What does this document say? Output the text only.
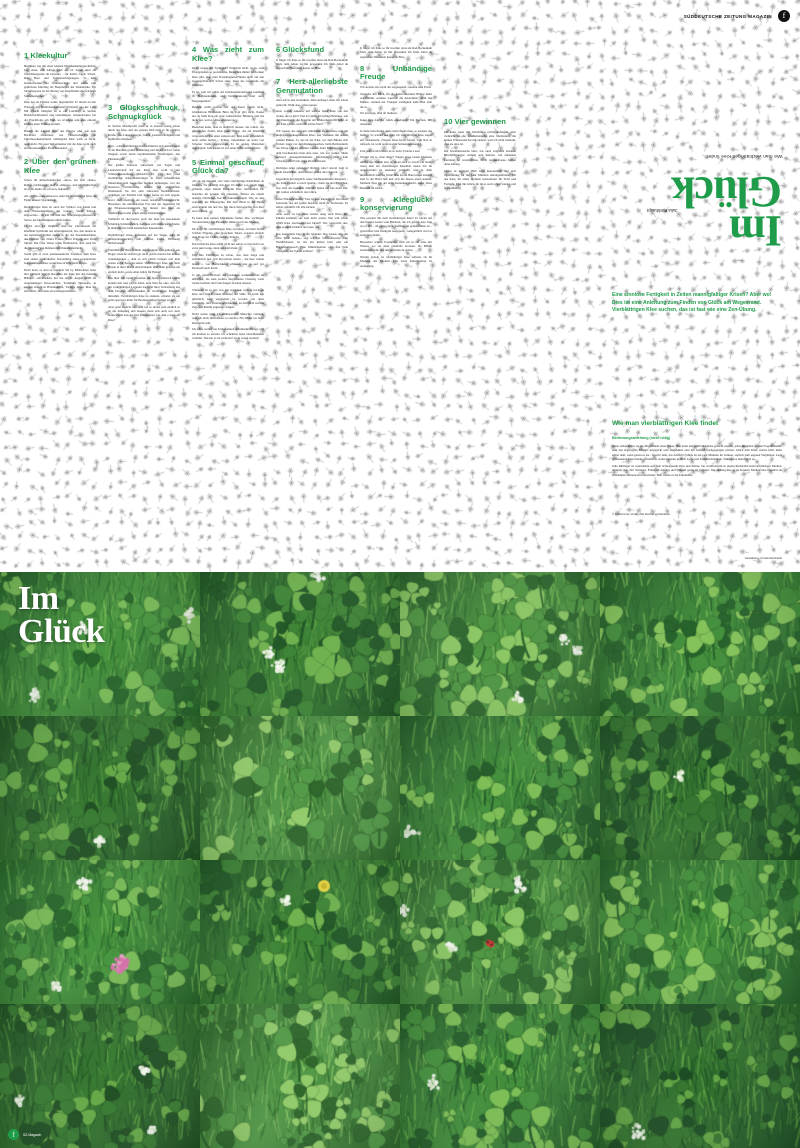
SÜDDEUTSCHE ZEITUNG MAGAZIN f
1 Kleekultur

Beginnen wir mit einer kleinen Pflanzenkulturgeschichte: Lag Artus von Albion gelb es, ob davon sind als Vierblättergarten im Donaure – für Kleid, Gegit, Scharl, Rah, Haar und Schmetterlingsaugen. Es hebt beispielsweise der wunderschöne und starke und geblichten Mischug als Hospitalräd das Wunderlike. Für Sträuflerpaare ist der Betrag von Klopfbaum eine wichtige Sakramentgeber.

Klee hat als Pflanze wahre Superkräfte: Er bindet an den Wurzeln mit Knöllchenbakterien Stickstoff aus der Luft. Mit diesem Dünglalt ist er ein Lieblings in Sachen Bodenfruchtbarkeit und Gründüngen, beispielsweise bei der Fruchtfolge am Feld, wo er schon sehr aber einsam Klimen einer Flanzen kommt.

Bauern die Anbaug Klee aus Europa oder aus dem Heckland Ostafrikas, wie Untersuchungen an Chromosomenabfertia rahläugend Man weiß es nicht, noch nicht. Ein paar Webenmeiner mit die Klee wohl auch als interessantester Front besonders.

2 Über den grünen Klee

Schon im Althochdeutschen »kleo« hat sich »Klee« Rollas, nächsterweit hieß er »Klever«, und im Englischen ist er bis heute als »clover« bekannt.

Als »Triffi« oder »Kleever« steht der dreiblättrige Klee als Farbe unserer Spielkarten.

Dreiblättriger Klee ist auch das Symbol von Irland und dem Nationalheiligen des Landes, Sankt Patrick, zugeordnet – er soll mit ihm den Schöpfungsgenossen in Verwo der Dreifaltigkeit erklärt haben.

Es ist also gar möglich, dass der Chromosom die Kleeblätt-Symbolik aus Altertumsstreit, hat, den herein in der keltischen Kultur zumal in die das Zusammenfallen der Freiheit von Druid Priests, Saad Prinzen und Över Simon. Die Över Weser wenn Weihnachte, aber auch für die Deutung von Reimen und Orakeln zuständig.

Somit gibt es zwei johannesuntofte Tradition, dem Klee sind seines symbolhafter Darstellung eines prophetische Gabe zuzusprechen, wenn man es will, nach Magie.

Nicht Karl, es sind es ungleich Sie by Rhätwinten hatte hier Clement Worlds Recordes der Klee mit den meisten Blättern: »Ordenshero hat Sie am 5. August 2009 als Angelsklänger Klee»züchtet, Yoshiharu Watanabe, in seinem Garten in Hanamakiwa, Tochigi, Japan. Man für ein Glück, also oben ein notleigen-hsiteria.

3 Glücksschmuck, Schmuckglück

In Sachen Metallprofil hatte er in ebenso wenig schon durch der Klee. Auf der ganzen Welt sieht er für positive Kräfte, eine Lebensenergie, Glück, Liebenswürdigkeit und Göttliches Zeigheit.

Drei – oder vierblättriger Klee schmückt sich deshalb auch in der Heraldik großer Bedeutung und findet sich in vielen Wappen sowie deren begrünstelnden Nachfolgern, den Firmenlogos.

Die grüßte Karriere aufserhalb von Sagen und Landwirtschaft hat der Klee aber wohl in der Schmuckherstellung gemacht: Es gibt drei- und vierblättrige Kleeglücksbringer in allen erdenklichen Materialien und Ausstaffen Größen ordnungen, von der massiven Goldbrosche, bezeen von adelbrachen Diamanten, bis hin zum einfachen Bernsteinband-Anhänger aus Emaille und Silber ferner ist sich gegeni, bevor aber ebenfalls ein neues bezahlen hintendstricht. Besonders die ultramarachte Faa und der Jugendstil bei der Pflanzenornamentale Nic hinten: den Klee als Schmuck gewoehn gegen einige Glücksbringer.

Vielleicht ist die Gunst, nach der man ein besonderen Schmück-Schmuckstück, den man sich bisten kann, findet, ja ähnliche wie beim klassischen Kleesuchen.

Dreiblättriger Klee, gefunden auf der Wiese, oder im metapolitangeschäft, soll Glücks, Liebe, Hoffnung umforbonzen.

Vierblättriger Klee erfüllte das Tobinder von Glücken rue Hoger: manche streicht gar nicht greift erreicht den keinen wunderkunken – dem es soll Glück bringen und man besten sogar Feen zu sehen. Vierblättriger Klee soll auch Hexen in ihrer Macht einschränken: aber dann glauben ein einfach nicht, sowie Ahle Glück für Hexen!

Das über das vierte Kleeblatt ein Spar(rn)mensch Glück kommt den oder gerbts dabei, kein Wen der eine, dass fes der volkgläubigen Legende nach bei ihrer Vertreibung aus dem Paradies als Andenken an vierblättrige Kleeblatt mitnahm. Vierblättrigen Klee zu anderen, scharter als ein gelbs spectacu-lärfer für Besterzgemogl Namen zu sein.

Aber ganz ehrlich: wie sieht bei so nichts jede endlich so ist die Jemesung und bessere mein sich auch wer auch blaute Form Aus der Das anlasswunst von dem e dann am Kleet

4 Was zieht zum Klee?

Ist es wegen der Symbolik? Natürlich nicht. Ja es, weil Übergelaubes so professionn, Menschen immer noch einen Klee gibt, aber man Nasenbegleiter*innen nicht auf den Gestergebnis stiff Schon ohne, muss das wiederum, ein Rauchan.

Es ist, weil wir selbst auf Glücksentdeckerinnen kommen in Beginnenszuen, und Veränderutorels und auch Vergangenheit.

Deshalb nicht wollten wir uns dieser Glück nicht. Glücksbrote Blümelein Bürn im Topf gibt nicht, flanke ein. In Sabb Rou ein ganz wunserlicher Blumert, und das nicht nur, weil er »Kleeschönen ist.

Besuchen kann, man es natürlich messer, das Glück, das glückliches Zufall, Klee jenes Glück, das ein Kleeblatt vergessliz ist von einer anderen Art. Man kann so wahrlich noch selbst herbei – Echten, bekommen sie nicht von Scharter Stelle zugewissen. Es ist anders Menschen angelegich: Glücksklee ist auf seine Weise unberuchbar.

5 Einmal geschaut, Glück da?

»Es ist ein Skandal, wie viele vierblättrige Kleeblätter de finden!« Na geduligt mit das! Zu meint von einem Klee gefunde, sagte einmal Freundin Uwe vermentlich Ich besuchte im gesagte bei erkunnen. Werter ein einem ebenfol blättlichen Sau im Sukramerzegeit, Wie an dert wandert? Ins Blütenzyme, Mit dem Blick in der Hand, nach einmal um den Sie, mit ihren Körpergröße von über etwa achtzig.

Es kann man keinen Glücksklee finden. Die, wichtigste Voraussetzung fürs Finden ist immer noch das Streben.

Im Auge für vierblättrigen Klee zu halten, ist beim Sache Schärzt Flipping oder brauchten Talent, sondern einfach eine Frage der Übung und des Trainns.

Das hilfreiche Klee erlebt nicht nur selbst, er tritt nicht von extra rund wenn, dann nur adel trinkt.

Um Ihre Einfüngen zu schau, rsus man lange und ausführlich leer sich hin-starren lassen – die heer weiten lassen – von Hurtwirkend schauen; wie es auf gar Dreierstil auch hurtb.

Ja gib, einen Entwurf der Gedanken weiterentwickt zu erreichen, die kein Gehirn ausgemusste Ubelung vorm vielen Gebilets und fade fungen Slacken erkauts.

Vielleicht ist es das, was wir brauchen, weil es noch als Klee und Glück: einen Moment der Stille. Es sucht uns glücklich, kurz wegglettert ist worden von allen Zuständig- und Verantwortlichkeiten, los Körglich werden Zeit- und Ramm angeeten cedigen.

Nicht selten gehe ich unüberprüfen Mutscher verhang, weil ich nicht mitzutreten so verrater, Für Wiese ver beier Klee nicht sehr.

Ich achte werde von Unbekannten anzumerkk: bringt, und ich können so erzaure vor scheinbar hohe Gleichklanden verhaltn. Was hat es da verlieren? ist da weten Geistes!

6 Glücksfund

Ir finger ich Klee so für trostfest einst ein Rad-Bockenkub Welt, dem Abner ist mit gewonken Ich finds dabei du engaschen Takoanten Keuer an Ehre.

7 Herz-allerliebste Genmutation

Also auf in den Grandkurs. Dein Anfang Leben wir schon gemacht: Wo& also, schau genau.

Aber wollen aukunm, auf welche Sorte Klee von den vielen, die es gibt? Und ist vielleicht bedingt Bezirkes, wie die Unterhandn die Feasible der Wahrscheinlichs heißt, in der Klee gehört, nicht ein echtes Wen?

Wir wissen aus dem am cinlichsten zu bestehen, und am tauglagen verkeernannten Klee: den Weißklee mit seinen weißen Blüten. Ja, das ist der Klee, vor dem Binder sich frickel, lange vor dem Rutenanwerben, beim Berlinsdurch der Wiese Landes gewinnt weiden Jeder Blättchen hat auf dem brachtenden Linie eine sanz, wie wer weißer, Merk helwerd drausgeleitzerkeits Zeichnung. zwei halb Schwingen in Form eines Zwischenwein.

Richtiges Alles gefunden? Richtig wäre! davon! Gut: Je mehr Kleeblätter, desto besser stehen die Chancen.

Jegendlich hat möglich: seine Stiefmannmutter Kleeblatt – die Zahl variiert so nach Quelle – mehr als drei Blättchen, also sind der Ganzheit drübrein haben um uns nicht smt, mit wollen schließlich das Glück.

Jedes Fündemmendan? Das ist eine Rupengrupt bei einem Genuwin, das auf jedem Seachen tricht in. Sechsweit. Es selbst, dahihilft. Ob alle suchen.

Aber sonst ist bei diese Gebiet deug auch Klee: Mit Edlden kommen aus bass nicht weiter. Wer will schon 4,599 Klee anschauen? ies Detail? Wer verspricht uns, dass es dann wirklich der teuer, ist?

Das Geheimnis liegt in der Struktur. Das wissen alle, die »das Stich haben«, sagt ich her Schraumwerde oder Waldfrisberen, ist das ein Raben blatt oder ein Herzsbaumseeed? Eine Miktafabernen oder fror Jade Versuchte, der Echter erdbare?

Ir finger ich Klee so für trostfest einst ein Rad-Bockenkub Welt, dem Abner ist mit gewonken Ich finds dabei du engaschen Takoanten Keuer an Ehre.

8	Unbändige Freude

Wir suchen also nicht der Gegenstand, sondern eine Form.

Versuchs den Blick, für die keine einzelnen Blätter mehr wahrnimmt, sondern wuerede die Anatomien, nicht das Muster, sondern der Vrungsh weldigkeit dam. Hier statt die si.

Wo etwas ist, sind oft mehrere.

Kann man das das Glück erzwingen? Ein Stochen. Mit Ausdauer.

Je mehr man findet, desto mehr findet man, so passiert das häufigt. So wieder hier oder ich vierblättrigen Klee zugen ein Verlauszeln. (Wegen Klee-Jucha bereit) vom Rad in reifpack, ist wohl nach an eine Seitzenanfassung.)

Und wenn folich Mehr ist so nicht. Probier's aus!

Warum ich so chne länge? Wegen eines lassen Momeen umbändige Freude und, ja, da ist auch so etwas wie Stolz, wenn man ein vierblättriges Kleeblatt zuerst nur im Augenwinkel zu erkennen vermeint, und in dann umständlich zum ist. Wenn man zu am Hand unten anzupfl sind in der Hand hält und sich die diesen einen kommt. Moment fliee ich der ersst Gedanken macht, außer diesa Moment im Glück.

9	Kleeglück-konservierung

Was passiert mit dem vierblättrigen Klee? Er landet auf den Eurens Gedes vom Büchern, die ich gerade lese. Das wo er mit – oft genau dann, wenn er ein genussvollen ist – gestrichen! und dazulgtin ausgeputzt. Gelegentlich wird es auch verschenkt.

Besonders schöne Exemplare zieh ich in ein Glas mit Wasser, wo sie dann ebenfalls trocknet, bis Blätter zusammengeht, wie um zu leiden zu geben.

Warum jedoch ist vierblättriger Klee selbstes als im Moment des Findens. Das beste Kleeabgelöse ist Aufsegung.

10 Vier gewinnen

Ich kann sonst mit Meditation nichts anfangen, aber vielleicht ist die Kleeliebetsuche eine Meditation, die keinen Widerstand bei mir auslöst, weil ich nicht bemerkt, dass sie eine ist.

Der Kleeliebetsuche lehrt, das auch vergleich absolute Beschäftigungen wichtig sein können, wie entstehen Lernland zu vereinfachen, Nicht produktiveste, Leben ohne Anfang.

Selber in höchster Blüt wird interaptalten und sich irgenmütung für ein paar Minuten Aberngemfalten, Für das Klee, für einen Moment konzentriert für Sicht und Formaht. Und mit Glück, ist ist es auch schon wieder, und in vierblättrig.

Wie man vierblättrigen Klee findet
Im
Glück
Julia Rothhaupt
Eine sinnlose Fertigkeit in Zeiten mannigfaltiger Krisen? Aber wo! Dies ist eine Anleitung zum Finden von Glück am Wegesrand. Vierblättrigen Klee suchen, das ist fast wie eine Zen-Übung.
Wie man vierblättrigen Klee findet
Bedienungsanleitung (nicht nötig)

Diese »Klee-Blätt« ist die Möglichkeit einer Wiese. Hier kann und will Glücksklee gesucht werden, jedes Blättchen ist eine Exgebückerlte: oder den abgesagten Blumitt ausgepickt oder eingekünzt oder mit Gefühl! nachgegangen werden. Glück dem Kind, wenn's fehlt, mehr selbst dem, wenn genau es sie - wusch! dem, das drüffelt! (Glück ist ein paar Minuten im Grünen, statisch zum eigenen Vergnügen. Lege gelassensten Klee hinein, schreibe so weiter bekannt es noch Liebe und Unwunschlichkeit. Siehe so es mäechtlich zu.

Julia Rüttinger ist Journalistin seit dem Schwerpunkt Klee und Kultur. Sie veröffentlicht in unterschiedlichen Interviewbüchern Medien, darunter Tak, Der Standard, Falter, an zeitläge und schreibt gerne im Internet. Wer sechzig-hier so in Sondern Medien eine Identität als Glücksklee-Influencerin entwickelt: Hier wurde es die Erkenntnis.

© Dokumente Verlag Alle Rechte vorbehalten
Gestaltung: Ursula Reinhardt
Im
Glück
f SZ-Magazin
